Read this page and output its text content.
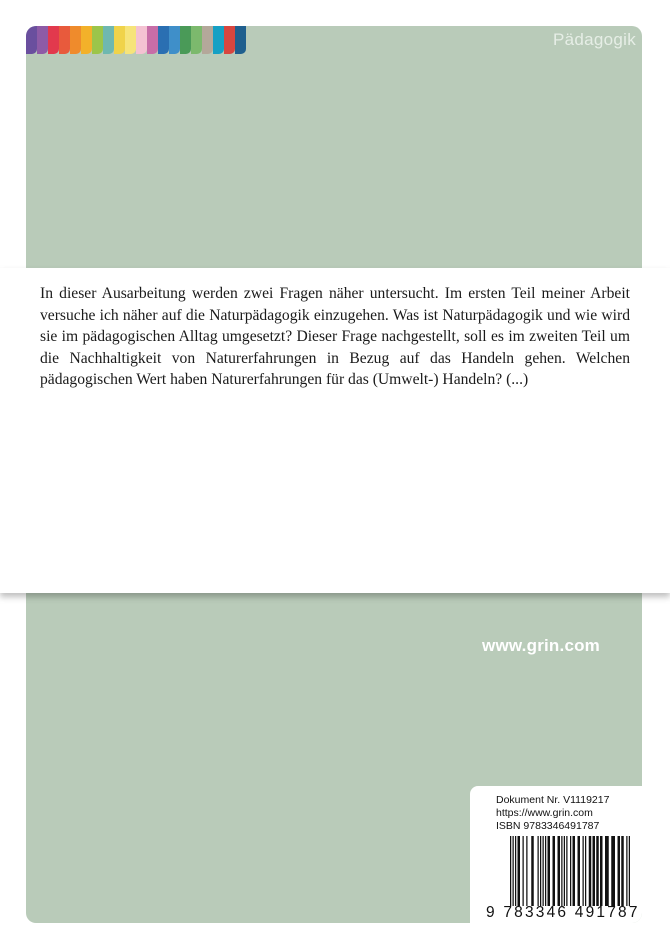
Pädagogik
www.grin.com
Dokument Nr. V1119217
https://www.grin.com
ISBN 9783346491787
9 783346 491787

In dieser Ausarbeitung werden zwei Fragen näher untersucht. Im ersten Teil meiner Arbeit versuche ich näher auf die Naturpädagogik einzugehen. Was ist Naturpädagogik und wie wird sie im pädagogischen Alltag umgesetzt? Dieser Frage nachgestellt, soll es im zweiten Teil um die Nachhaltigkeit von Naturerfahrungen in Bezug auf das Handeln gehen. Welchen pädagogischen Wert haben Naturerfahrungen für das (Umwelt-) Handeln? (...)
